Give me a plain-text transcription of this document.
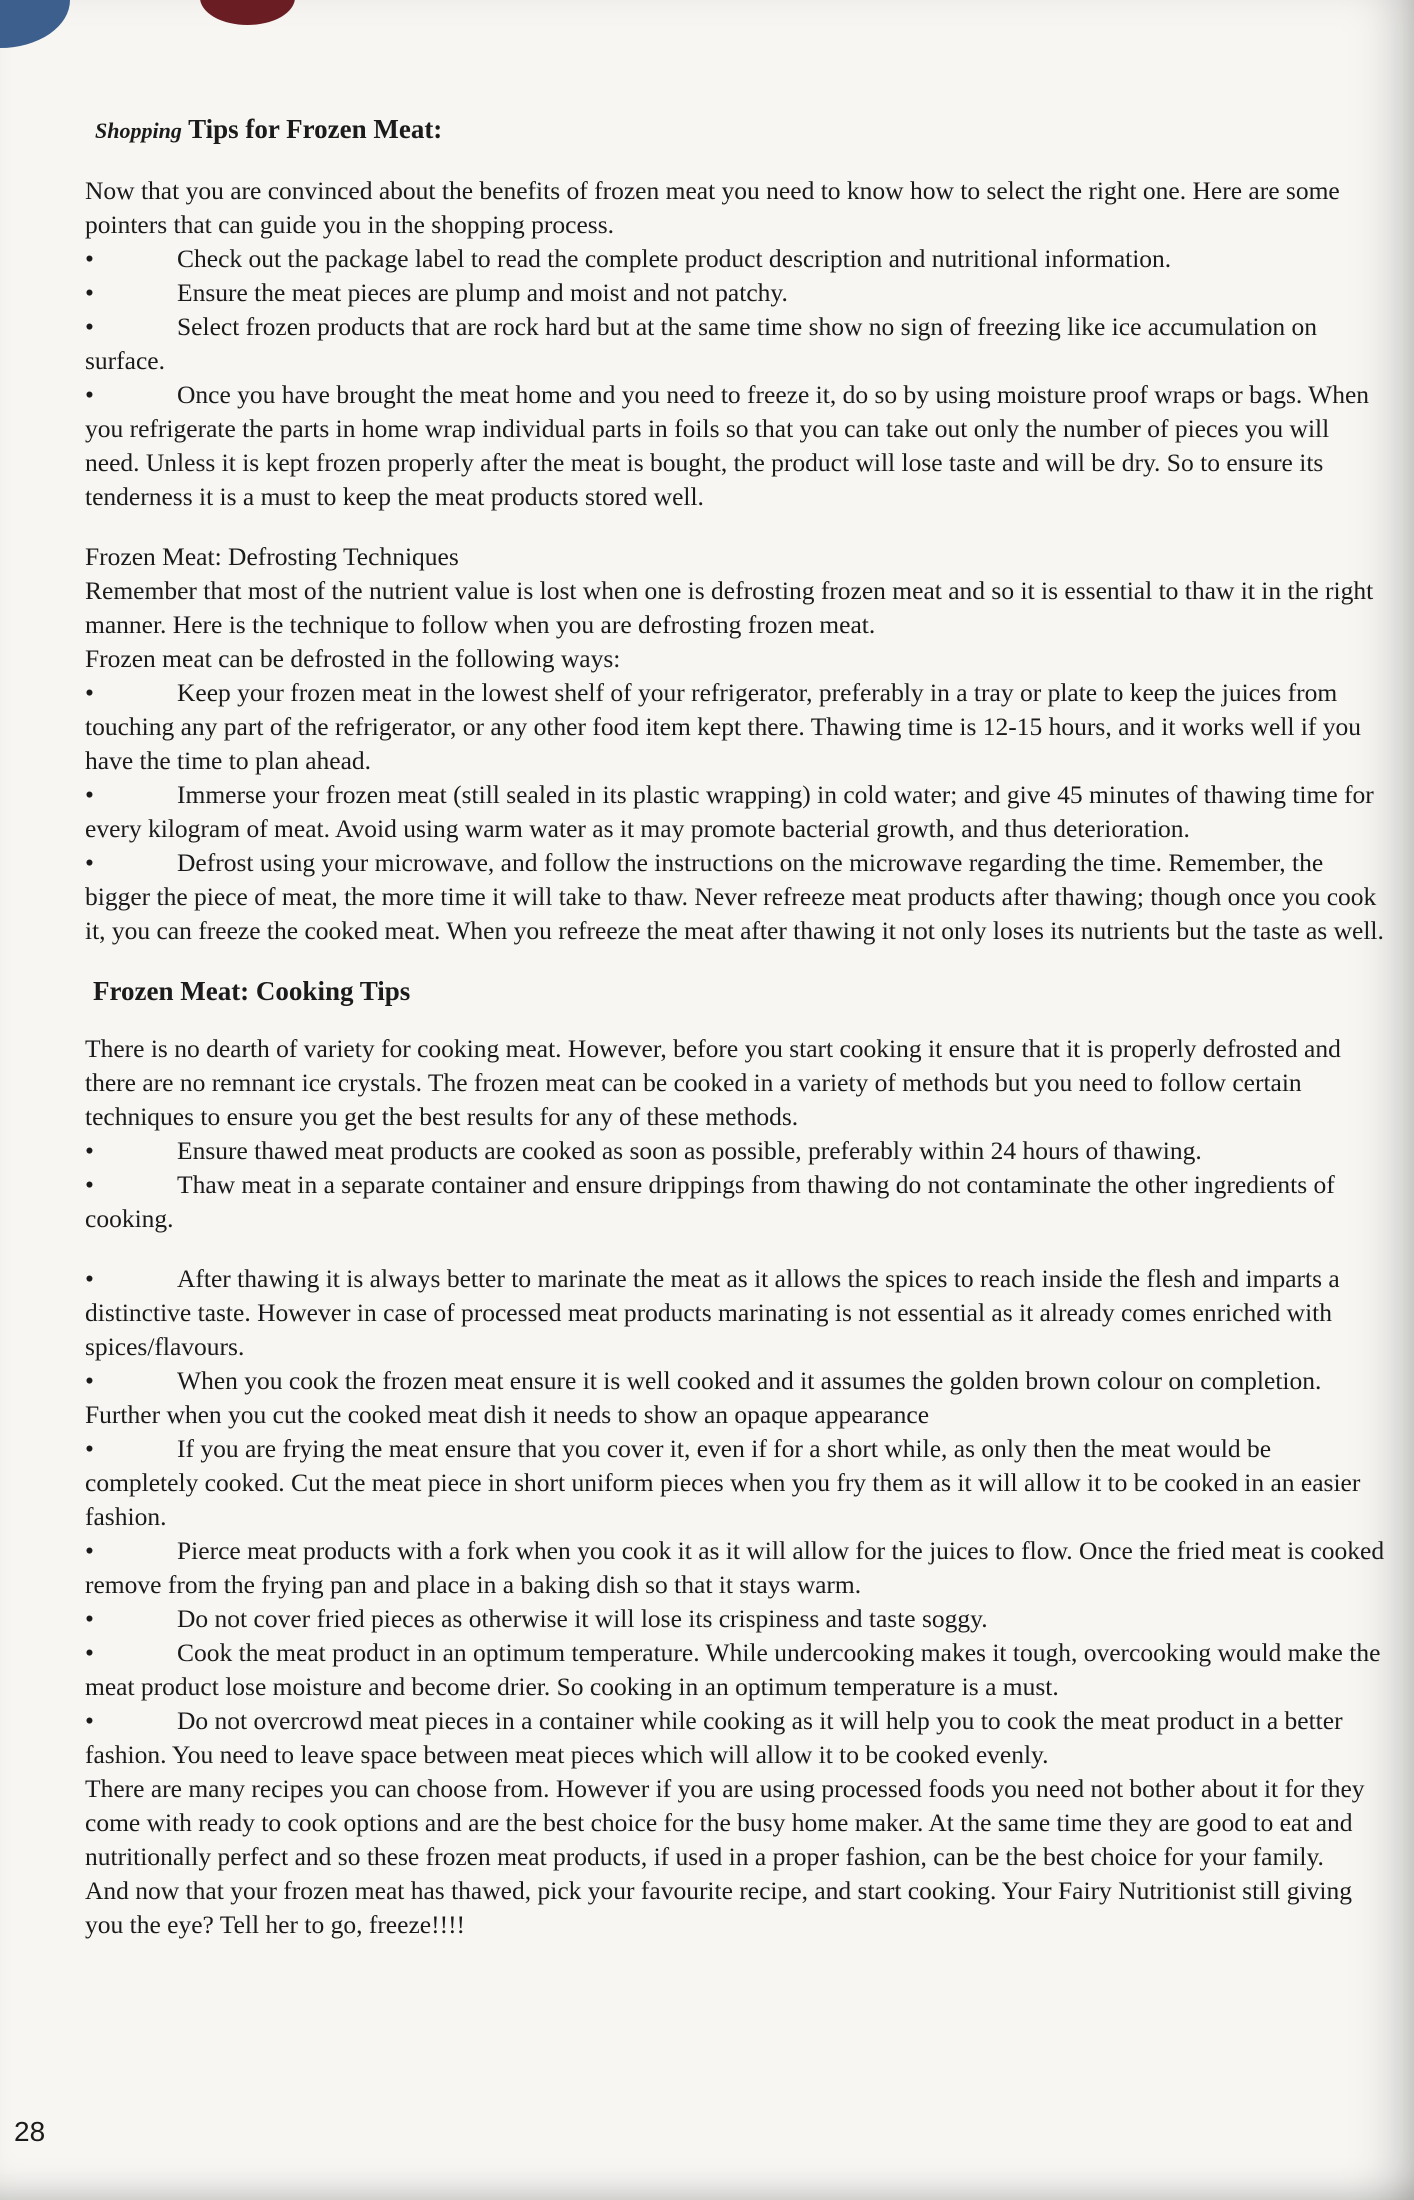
Shopping Tips for Frozen Meat:

Now that you are convinced about the benefits of frozen meat you need to know how to select the right one. Here are some pointers that can guide you in the shopping process.

•	Check out the package label to read the complete product description and nutritional information.

•	Ensure the meat pieces are plump and moist and not patchy.

•	Select frozen products that are rock hard but at the same time show no sign of freezing like ice accumulation on surface.

•	Once you have brought the meat home and you need to freeze it, do so by using moisture proof wraps or bags. When you refrigerate the parts in home wrap individual parts in foils so that you can take out only the number of pieces you will need. Unless it is kept frozen properly after the meat is bought, the product will lose taste and will be dry. So to ensure its tenderness it is a must to keep the meat products stored well.

Frozen Meat: Defrosting Techniques

Remember that most of the nutrient value is lost when one is defrosting frozen meat and so it is essential to thaw it in the right manner. Here is the technique to follow when you are defrosting frozen meat.

Frozen meat can be defrosted in the following ways:

•	Keep your frozen meat in the lowest shelf of your refrigerator, preferably in a tray or plate to keep the juices from touching any part of the refrigerator, or any other food item kept there. Thawing time is 12-15 hours, and it works well if you have the time to plan ahead.

•	Immerse your frozen meat (still sealed in its plastic wrapping) in cold water; and give 45 minutes of thawing time for every kilogram of meat. Avoid using warm water as it may promote bacterial growth, and thus deterioration.

•	Defrost using your microwave, and follow the instructions on the microwave regarding the time. Remember, the bigger the piece of meat, the more time it will take to thaw. Never refreeze meat products after thawing; though once you cook it, you can freeze the cooked meat. When you refreeze the meat after thawing it not only loses its nutrients but the taste as well.

Frozen Meat: Cooking Tips

There is no dearth of variety for cooking meat. However, before you start cooking it ensure that it is properly defrosted and there are no remnant ice crystals. The frozen meat can be cooked in a variety of methods but you need to follow certain techniques to ensure you get the best results for any of these methods.

•	Ensure thawed meat products are cooked as soon as possible, preferably within 24 hours of thawing.

•	Thaw meat in a separate container and ensure drippings from thawing do not contaminate the other ingredients of cooking.

•	After thawing it is always better to marinate the meat as it allows the spices to reach inside the flesh and imparts a distinctive taste. However in case of processed meat products marinating is not essential as it already comes enriched with spices/flavours.

•	When you cook the frozen meat ensure it is well cooked and it assumes the golden brown colour on completion. Further when you cut the cooked meat dish it needs to show an opaque appearance

•	If you are frying the meat ensure that you cover it, even if for a short while, as only then the meat would be completely cooked. Cut the meat piece in short uniform pieces when you fry them as it will allow it to be cooked in an easier fashion.

•	Pierce meat products with a fork when you cook it as it will allow for the juices to flow. Once the fried meat is cooked remove from the frying pan and place in a baking dish so that it stays warm.

•	Do not cover fried pieces as otherwise it will lose its crispiness and taste soggy.

•	Cook the meat product in an optimum temperature. While undercooking makes it tough, overcooking would make the meat product lose moisture and become drier. So cooking in an optimum temperature is a must.

•	Do not overcrowd meat pieces in a container while cooking as it will help you to cook the meat product in a better fashion. You need to leave space between meat pieces which will allow it to be cooked evenly.

There are many recipes you can choose from. However if you are using processed foods you need not bother about it for they come with ready to cook options and are the best choice for the busy home maker. At the same time they are good to eat and nutritionally perfect and so these frozen meat products, if used in a proper fashion, can be the best choice for your family.

And now that your frozen meat has thawed, pick your favourite recipe, and start cooking. Your Fairy Nutritionist still giving you the eye? Tell her to go, freeze!!!!

28
